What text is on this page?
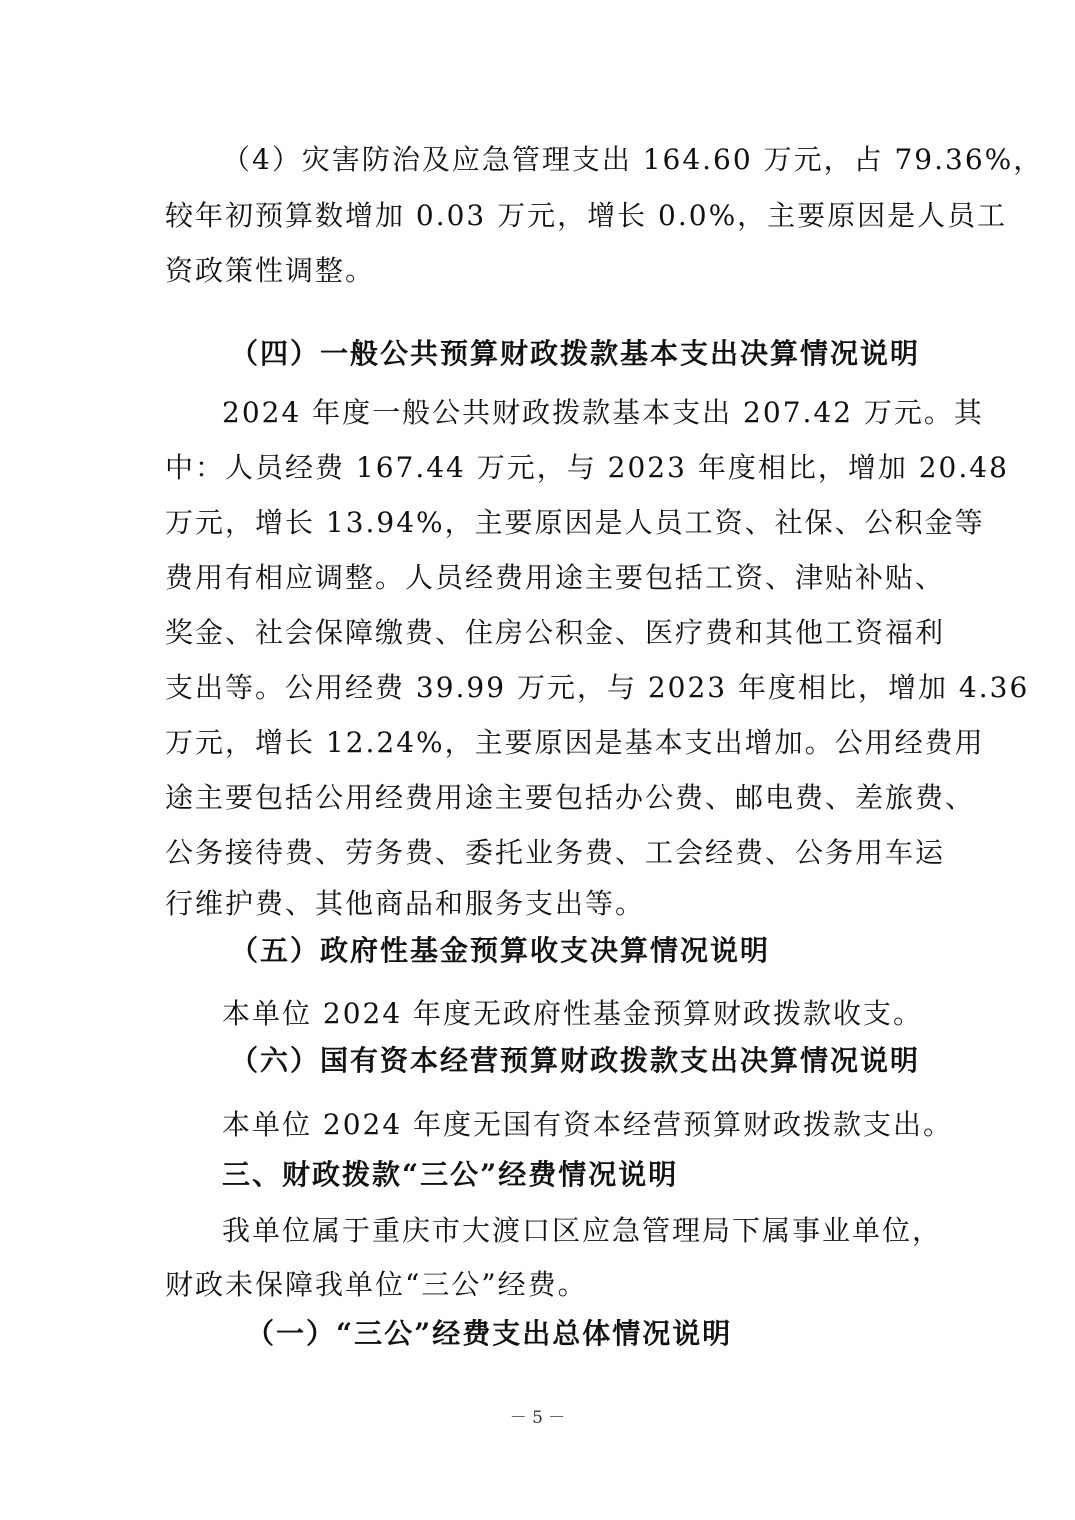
（4）灾害防治及应急管理支出 164.60 万元，占 79.36%，
较年初预算数增加 0.03 万元，增长 0.0%，主要原因是人员工
资政策性调整。
（四）一般公共预算财政拨款基本支出决算情况说明
2024 年度一般公共财政拨款基本支出 207.42 万元。其
中：人员经费 167.44 万元，与 2023 年度相比，增加 20.48
万元，增长 13.94%，主要原因是人员工资、社保、公积金等
费用有相应调整。人员经费用途主要包括工资、津贴补贴、
奖金、社会保障缴费、住房公积金、医疗费和其他工资福利
支出等。公用经费 39.99 万元，与 2023 年度相比，增加 4.36
万元，增长 12.24%，主要原因是基本支出增加。公用经费用
途主要包括公用经费用途主要包括办公费、邮电费、差旅费、
公务接待费、劳务费、委托业务费、工会经费、公务用车运
行维护费、其他商品和服务支出等。
（五）政府性基金预算收支决算情况说明
本单位 2024 年度无政府性基金预算财政拨款收支。
（六）国有资本经营预算财政拨款支出决算情况说明
本单位 2024 年度无国有资本经营预算财政拨款支出。
三、财政拨款“三公”经费情况说明
我单位属于重庆市大渡口区应急管理局下属事业单位，
财政未保障我单位“三公”经费。
（一）“三公”经费支出总体情况说明
－ 5 －
